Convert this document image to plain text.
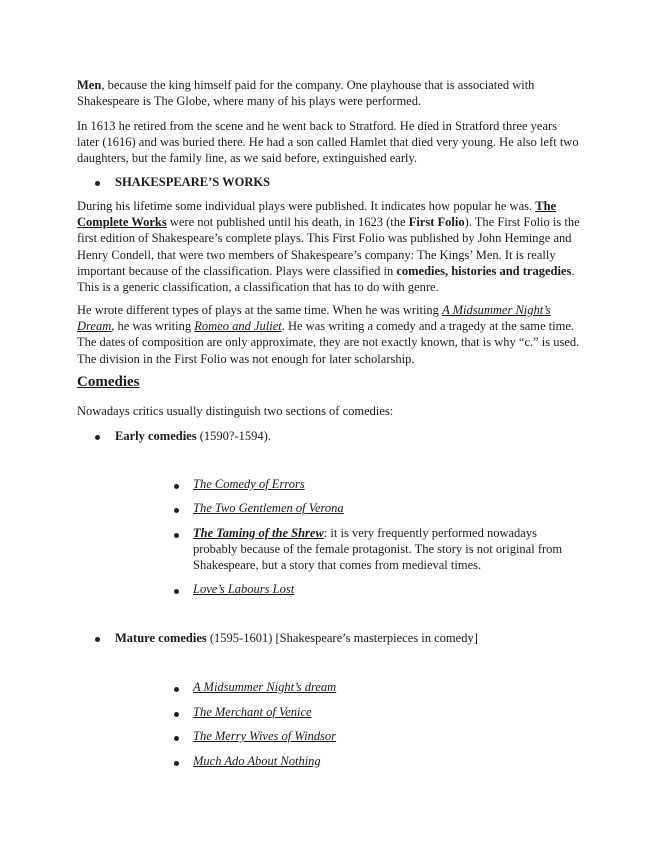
Men, because the king himself paid for the company. One playhouse that is associated with Shakespeare is The Globe, where many of his plays were performed.

In 1613 he retired from the scene and he went back to Stratford. He died in Stratford three years later (1616) and was buried there. He had a son called Hamlet that died very young. He also left two daughters, but the family line, as we said before, extinguished early.

SHAKESPEARE’S WORKS

During his lifetime some individual plays were published. It indicates how popular he was. The Complete Works were not published until his death, in 1623 (the First Folio). The First Folio is the first edition of Shakespeare’s complete plays. This First Folio was published by John Heminge and Henry Condell, that were two members of Shakespeare’s company: The Kings’ Men. It is really important because of the classification. Plays were classified in comedies, histories and tragedies. This is a generic classification, a classification that has to do with genre.

He wrote different types of plays at the same time. When he was writing A Midsummer Night’s Dream, he was writing Romeo and Juliet. He was writing a comedy and a tragedy at the same time. The dates of composition are only approximate, they are not exactly known, that is why “c.” is used. The division in the First Folio was not enough for later scholarship.

Comedies

Nowadays critics usually distinguish two sections of comedies:

Early comedies (1590?-1594).
The Comedy of Errors
The Two Gentlemen of Verona
The Taming of the Shrew: it is very frequently performed nowadays probably because of the female protagonist. The story is not original from Shakespeare, but a story that comes from medieval times.
Love’s Labours Lost
Mature comedies (1595-1601) [Shakespeare’s masterpieces in comedy]
A Midsummer Night’s dream
The Merchant of Venice
The Merry Wives of Windsor
Much Ado About Nothing
